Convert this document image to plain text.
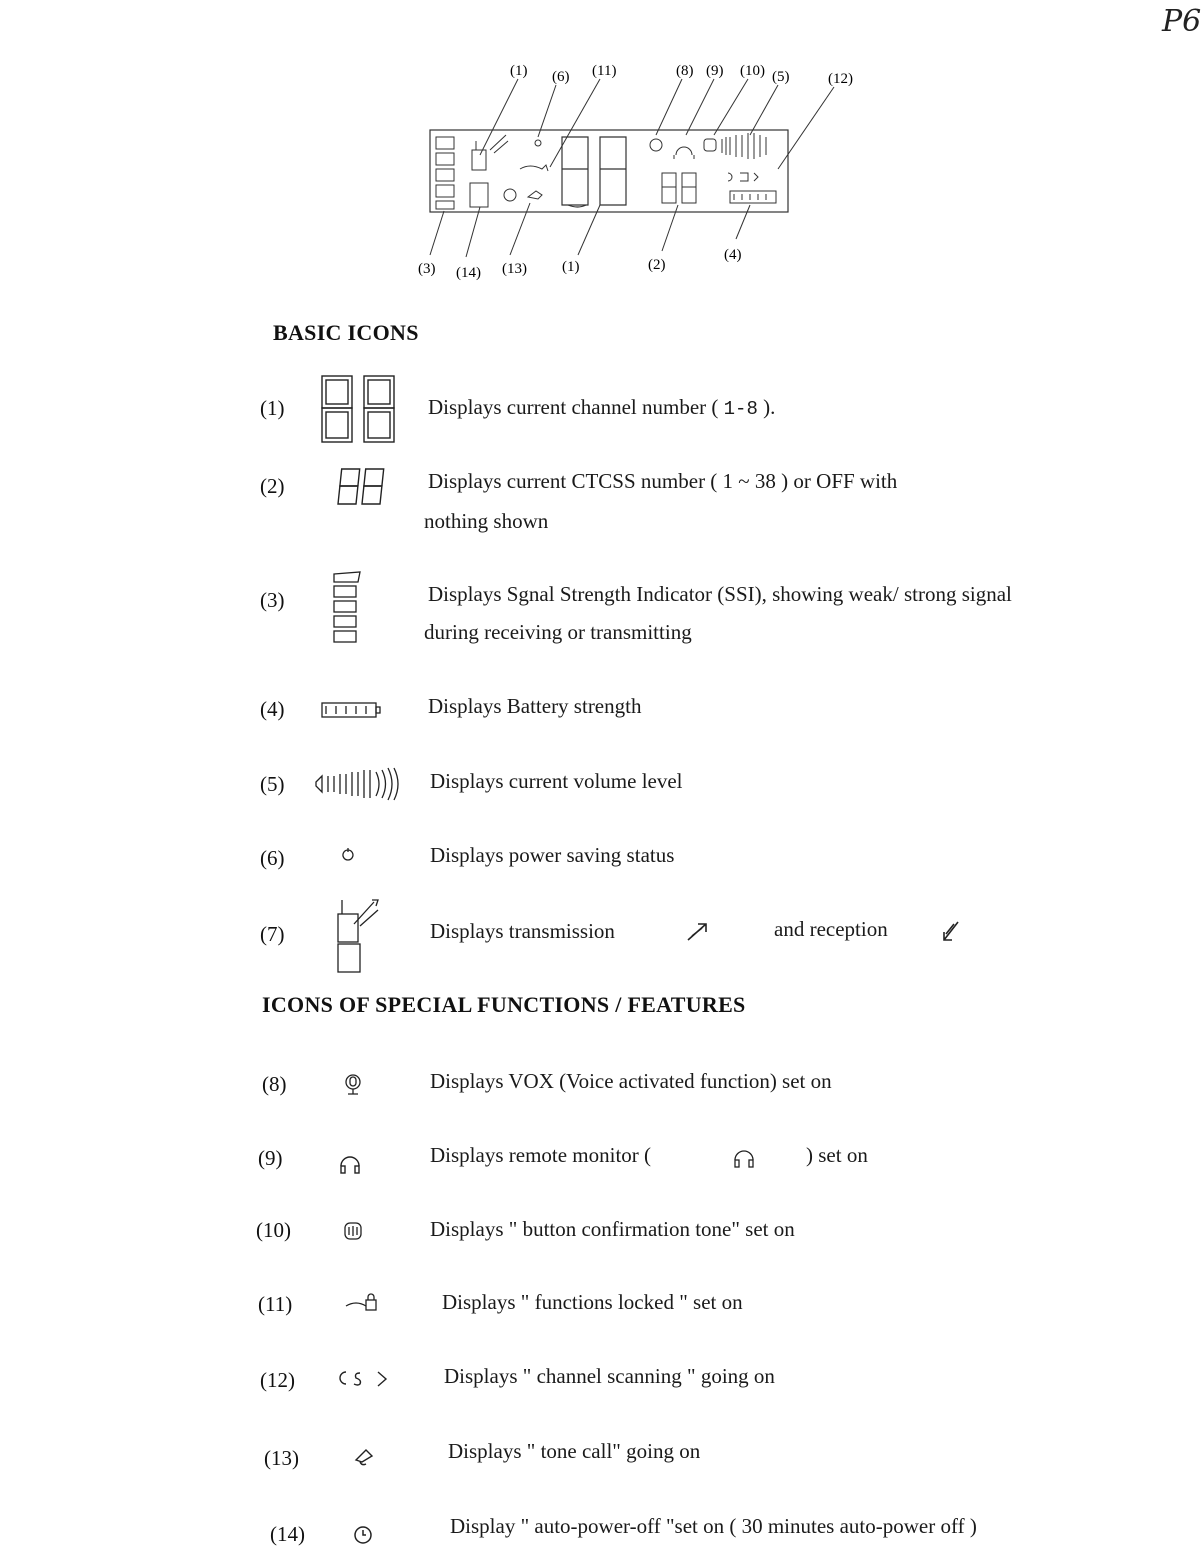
P6
(1) (6) (11)	(8) (9) (10) (5)	(12)
(3) (14) (13) (1)	(2)
(4)
BASIC ICONS
(1)	Displays current channel number ( 1-8 ).
(2)	Displays current CTCSS number ( 1 ~ 38 ) or OFF with
nothing shown
(3)	Displays Sgnal Strength Indicator (SSI), showing weak/ strong signal
during receiving or transmitting
(4)	Displays Battery strength
(5)	Displays current volume level
(6)	Displays power saving status
(7)	Displays transmission	and reception
ICONS OF SPECIAL FUNCTIONS / FEATURES
(8)	Displays VOX (Voice activated function) set on
(9)	Displays remote monitor (	) set on
(10)	Displays " button confirmation tone" set on
(11)	Displays " functions locked " set on
(12)	Displays " channel scanning " going on
(13)	Displays " tone call" going on
(14)	Display " auto-power-off "set on ( 30 minutes auto-power off )
